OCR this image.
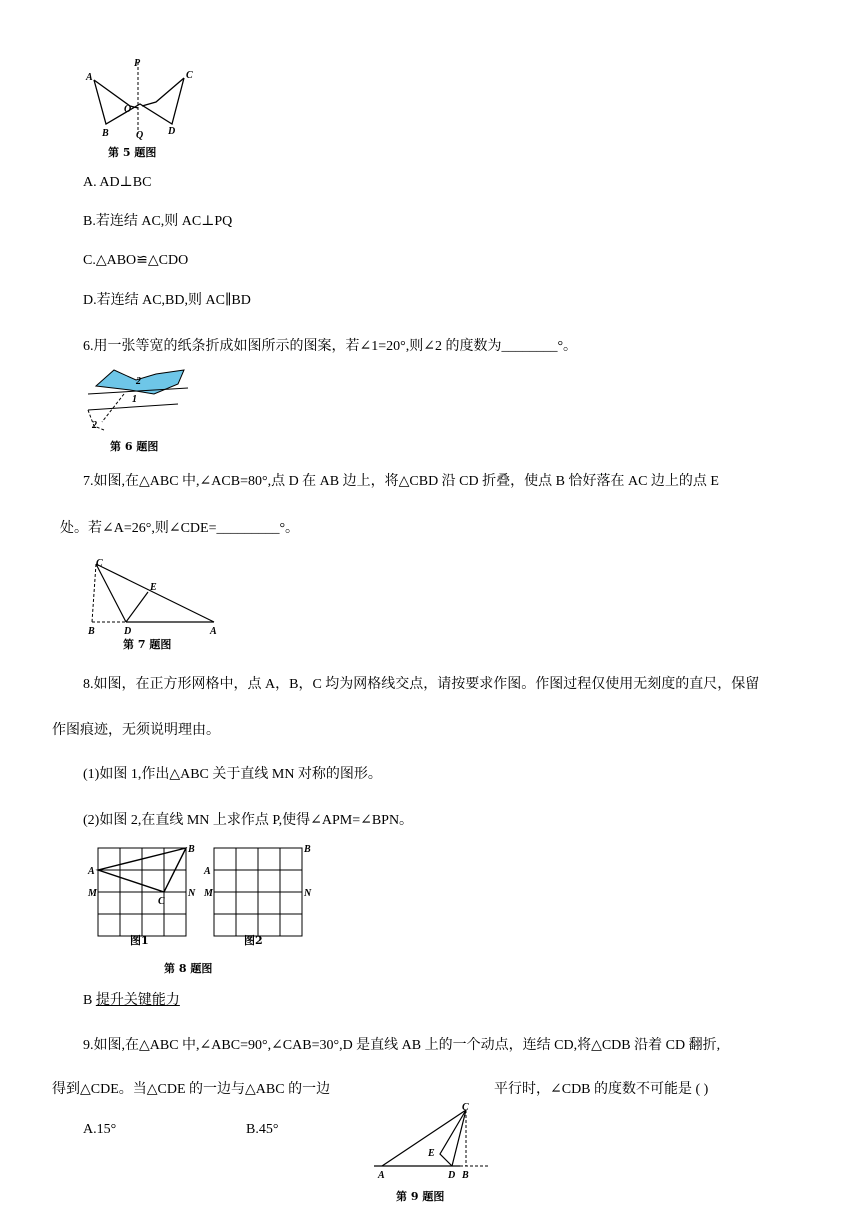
A
B
C
D
O
P
Q
第 5 题图
A. AD⊥BC
B.若连结 AC,则 AC⊥PQ
C.△ABO≌△CDO
D.若连结 AC,BD,则 AC∥BD
6.用一张等宽的纸条折成如图所示的图案，若∠1=20°,则∠2 的度数为________°。
2
1
2
第 6 题图
7.如图,在△ABC 中,∠ACB=80°,点 D 在 AB 边上，将△CBD 沿 CD 折叠，使点 B 恰好落在 AC 边上的点 E
处。若∠A=26°,则∠CDE=_________°。
C
E
B	D	A
第 7 题图
8.如图，在正方形网格中，点 A，B，C 均为网格线交点，请按要求作图。作图过程仅使用无刻度的直尺，保留
作图痕迹，无须说明理由。
(1)如图 1,作出△ABC 关于直线 MN 对称的图形。
(2)如图 2,在直线 MN 上求作点 P,使得∠APM=∠BPN。
A
B
C
M	N
图1
A
B
M	N
图2
第 8 题图
B 提升关键能力
9.如图,在△ABC 中,∠ABC=90°,∠CAB=30°,D 是直线 AB 上的一个动点，连结 CD,将△CDB 沿着 CD 翻折,
得到△CDE。当△CDE 的一边与△ABC 的一边	平行时，∠CDB 的度数不可能是 ( )
A.15°	B.45°
C
E
A	D B
第 9 题图
